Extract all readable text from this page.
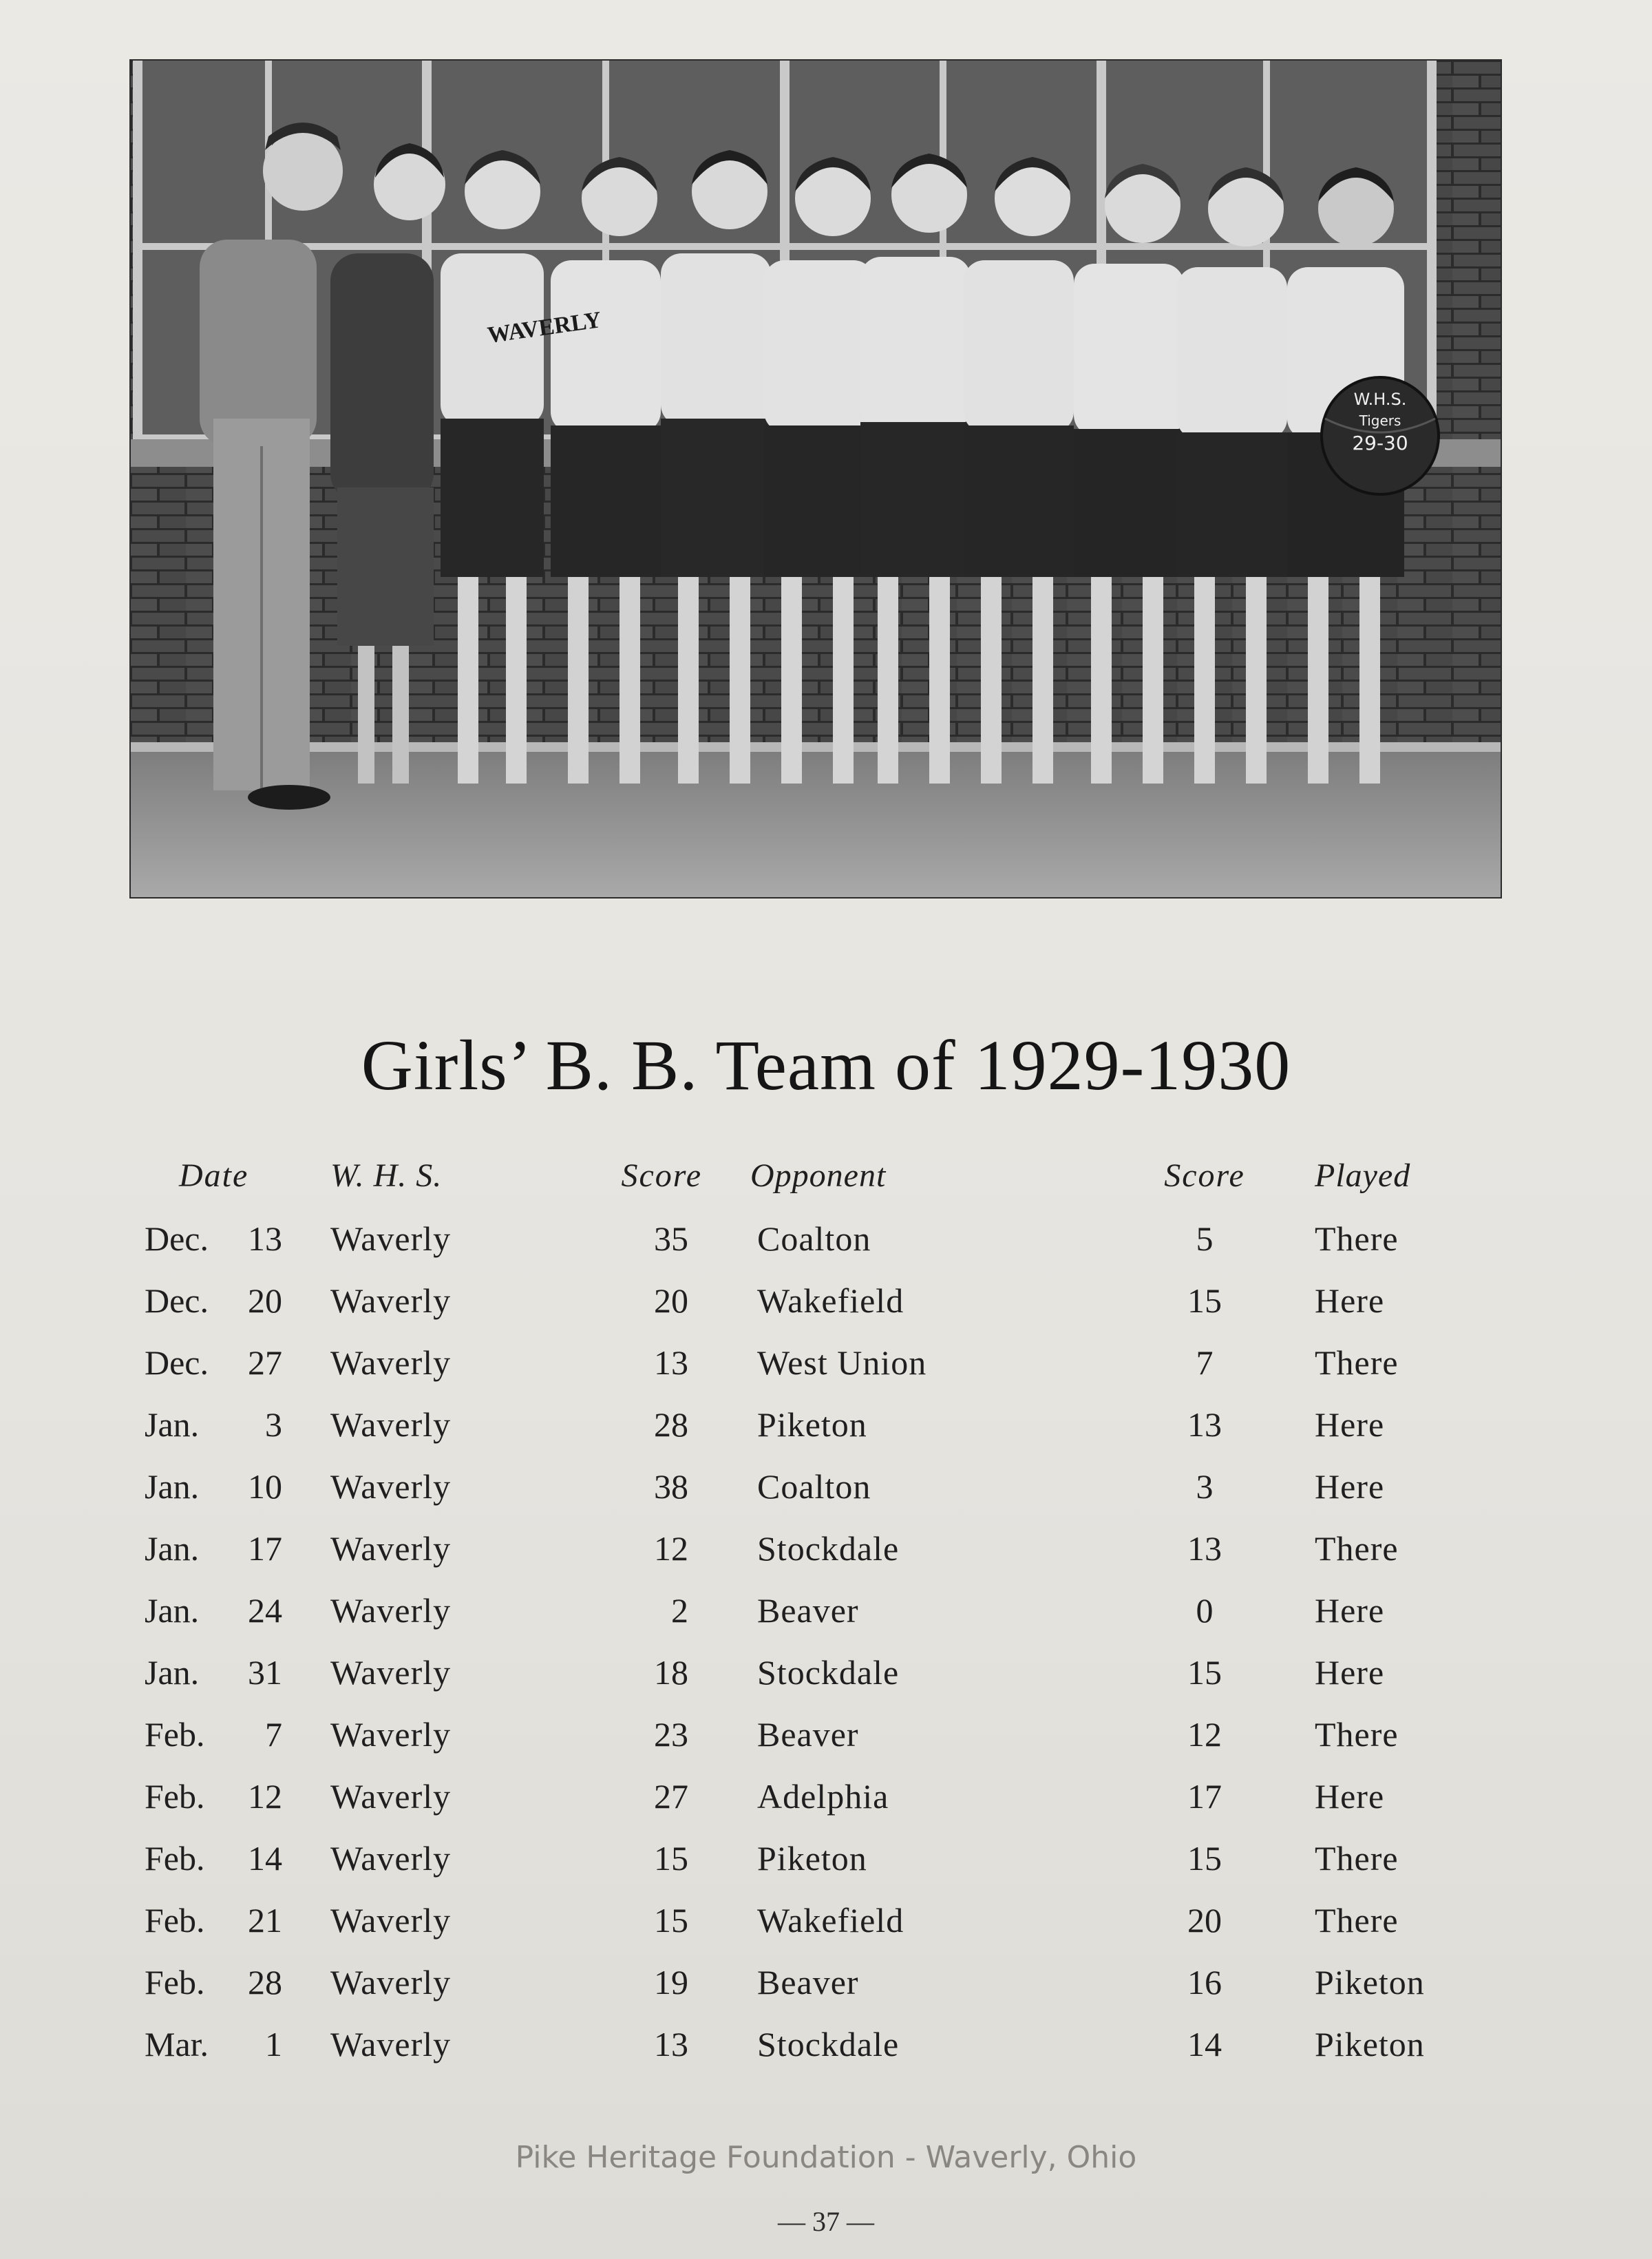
WAVERLY
W.H.S.
Tigers
29-30
Girls’ B. B. Team of 1929-1930
Date	W. H. S.	Score	Opponent	Score	Played
Dec. 13	Waverly	35	Coalton	5	There
Dec. 20	Waverly	20	Wakefield	15	Here
Dec. 27	Waverly	13	West Union	7	There
Jan. 3	Waverly	28	Piketon	13	Here
Jan. 10	Waverly	38	Coalton	3	Here
Jan. 17	Waverly	12	Stockdale	13	There
Jan. 24	Waverly	2	Beaver	0	Here
Jan. 31	Waverly	18	Stockdale	15	Here
Feb. 7	Waverly	23	Beaver	12	There
Feb. 12	Waverly	27	Adelphia	17	Here
Feb. 14	Waverly	15	Piketon	15	There
Feb. 21	Waverly	15	Wakefield	20	There
Feb. 28	Waverly	19	Beaver	16	Piketon
Mar. 1	Waverly	13	Stockdale	14	Piketon
Pike Heritage Foundation - Waverly, Ohio
— 37 —
